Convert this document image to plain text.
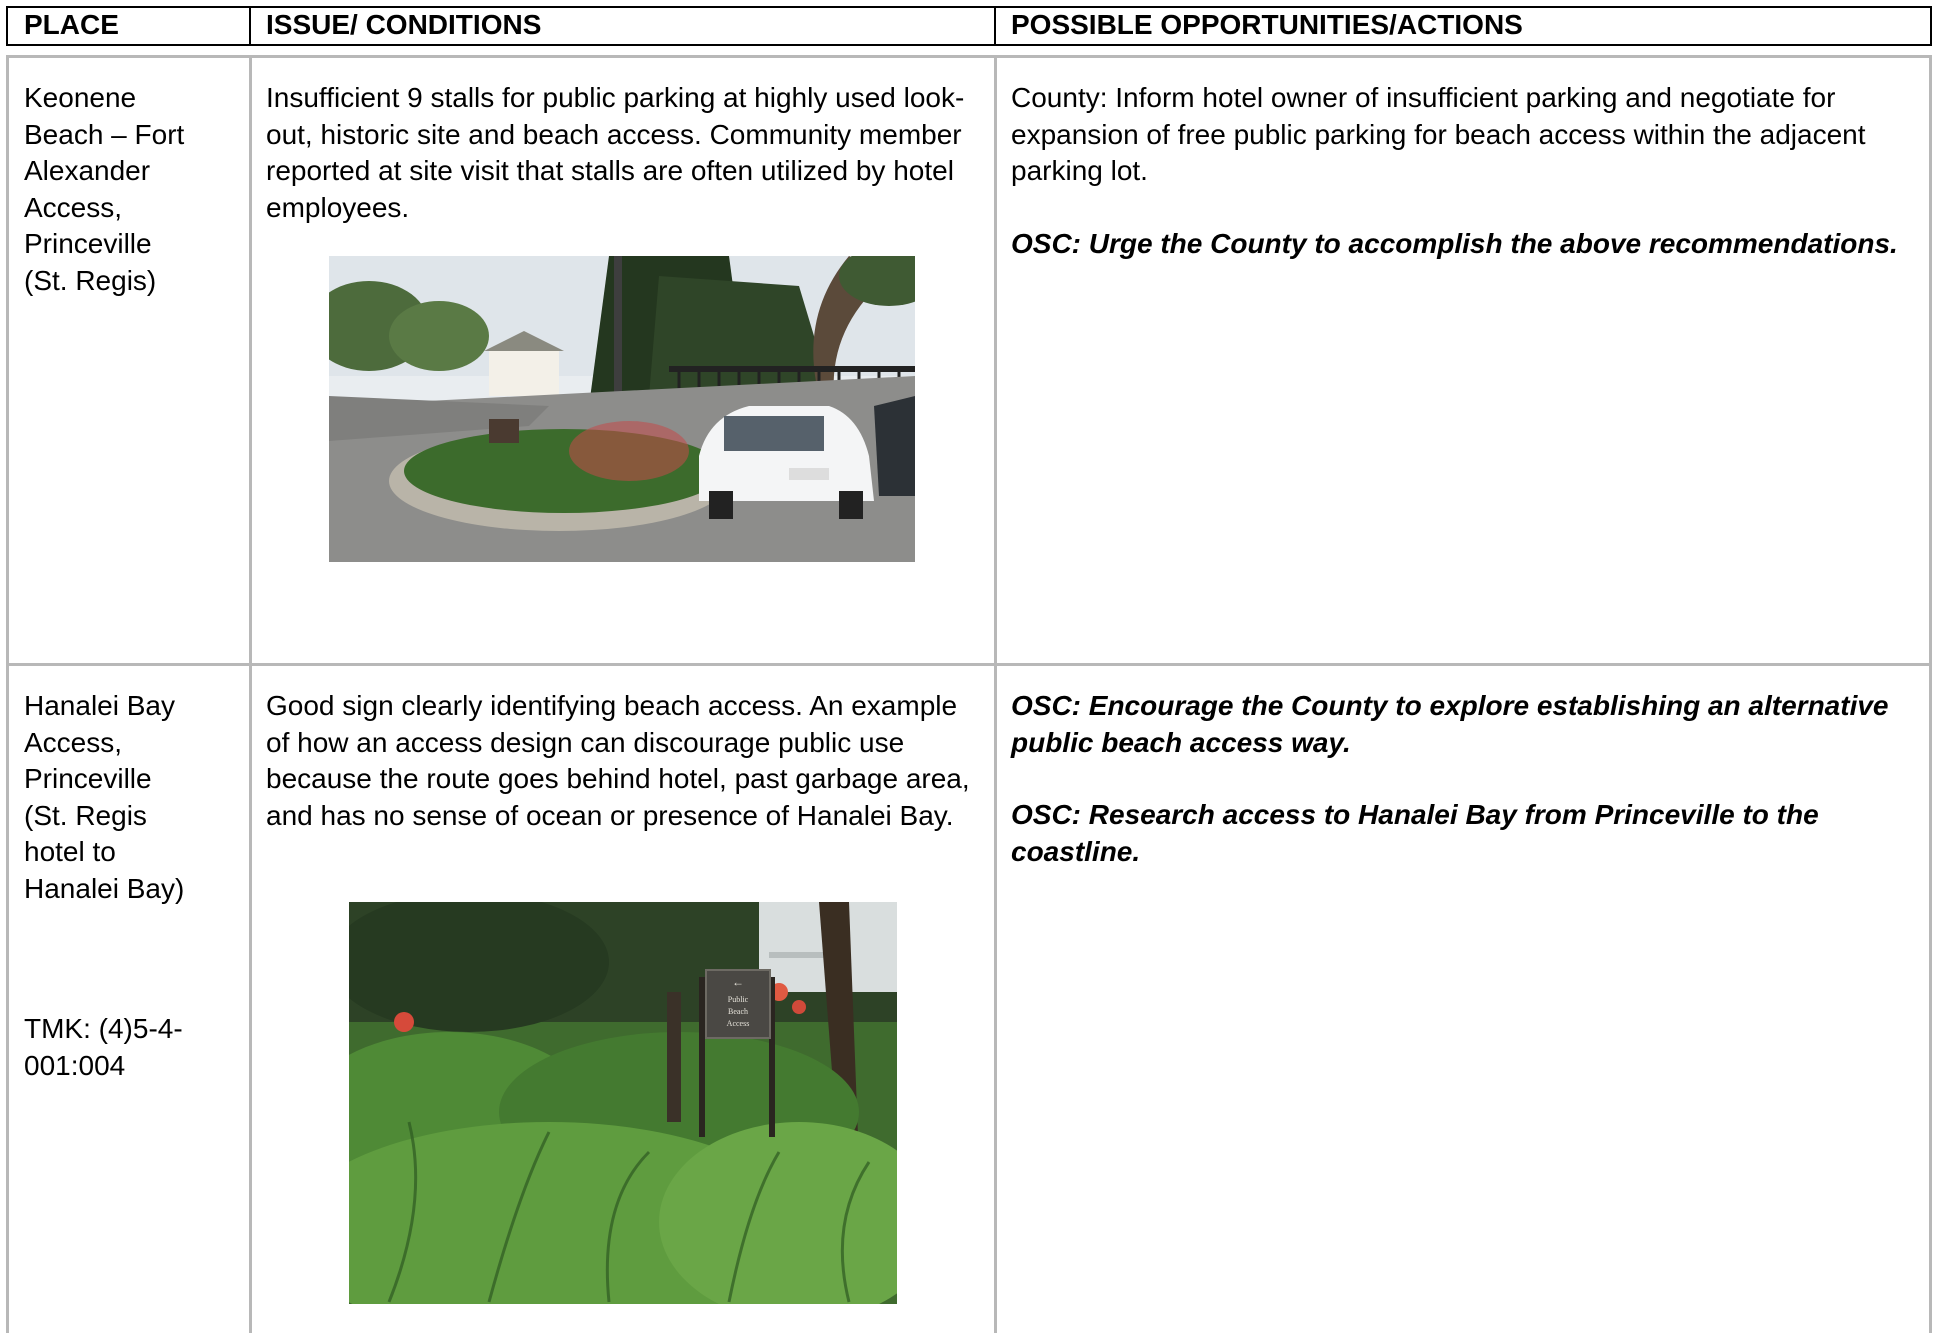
PLACE	ISSUE/ CONDITIONS	POSSIBLE OPPORTUNITIES/ACTIONS
Keonene
Beach – Fort
Alexander
Access,
Princeville
(St. Regis)
Insufficient 9 stalls for public parking at highly used look-out, historic site and beach access. Community member reported at site visit that stalls are often utilized by hotel employees.

County: Inform hotel owner of insufficient parking and negotiate for expansion of free public parking for beach access within the adjacent parking lot.

OSC: Urge the County to accomplish the above recommendations.

Hanalei Bay
Access,
Princeville
(St. Regis
hotel to
Hanalei Bay)
TMK: (4)5-4-
001:004
Good sign clearly identifying beach access. An example of how an access design can discourage public use because the route goes behind hotel, past garbage area, and has no sense of ocean or presence of Hanalei Bay.
←
Public
Beach
Access

OSC: Encourage the County to explore establishing an alternative public beach access way.

OSC: Research access to Hanalei Bay from Princeville to the coastline.
